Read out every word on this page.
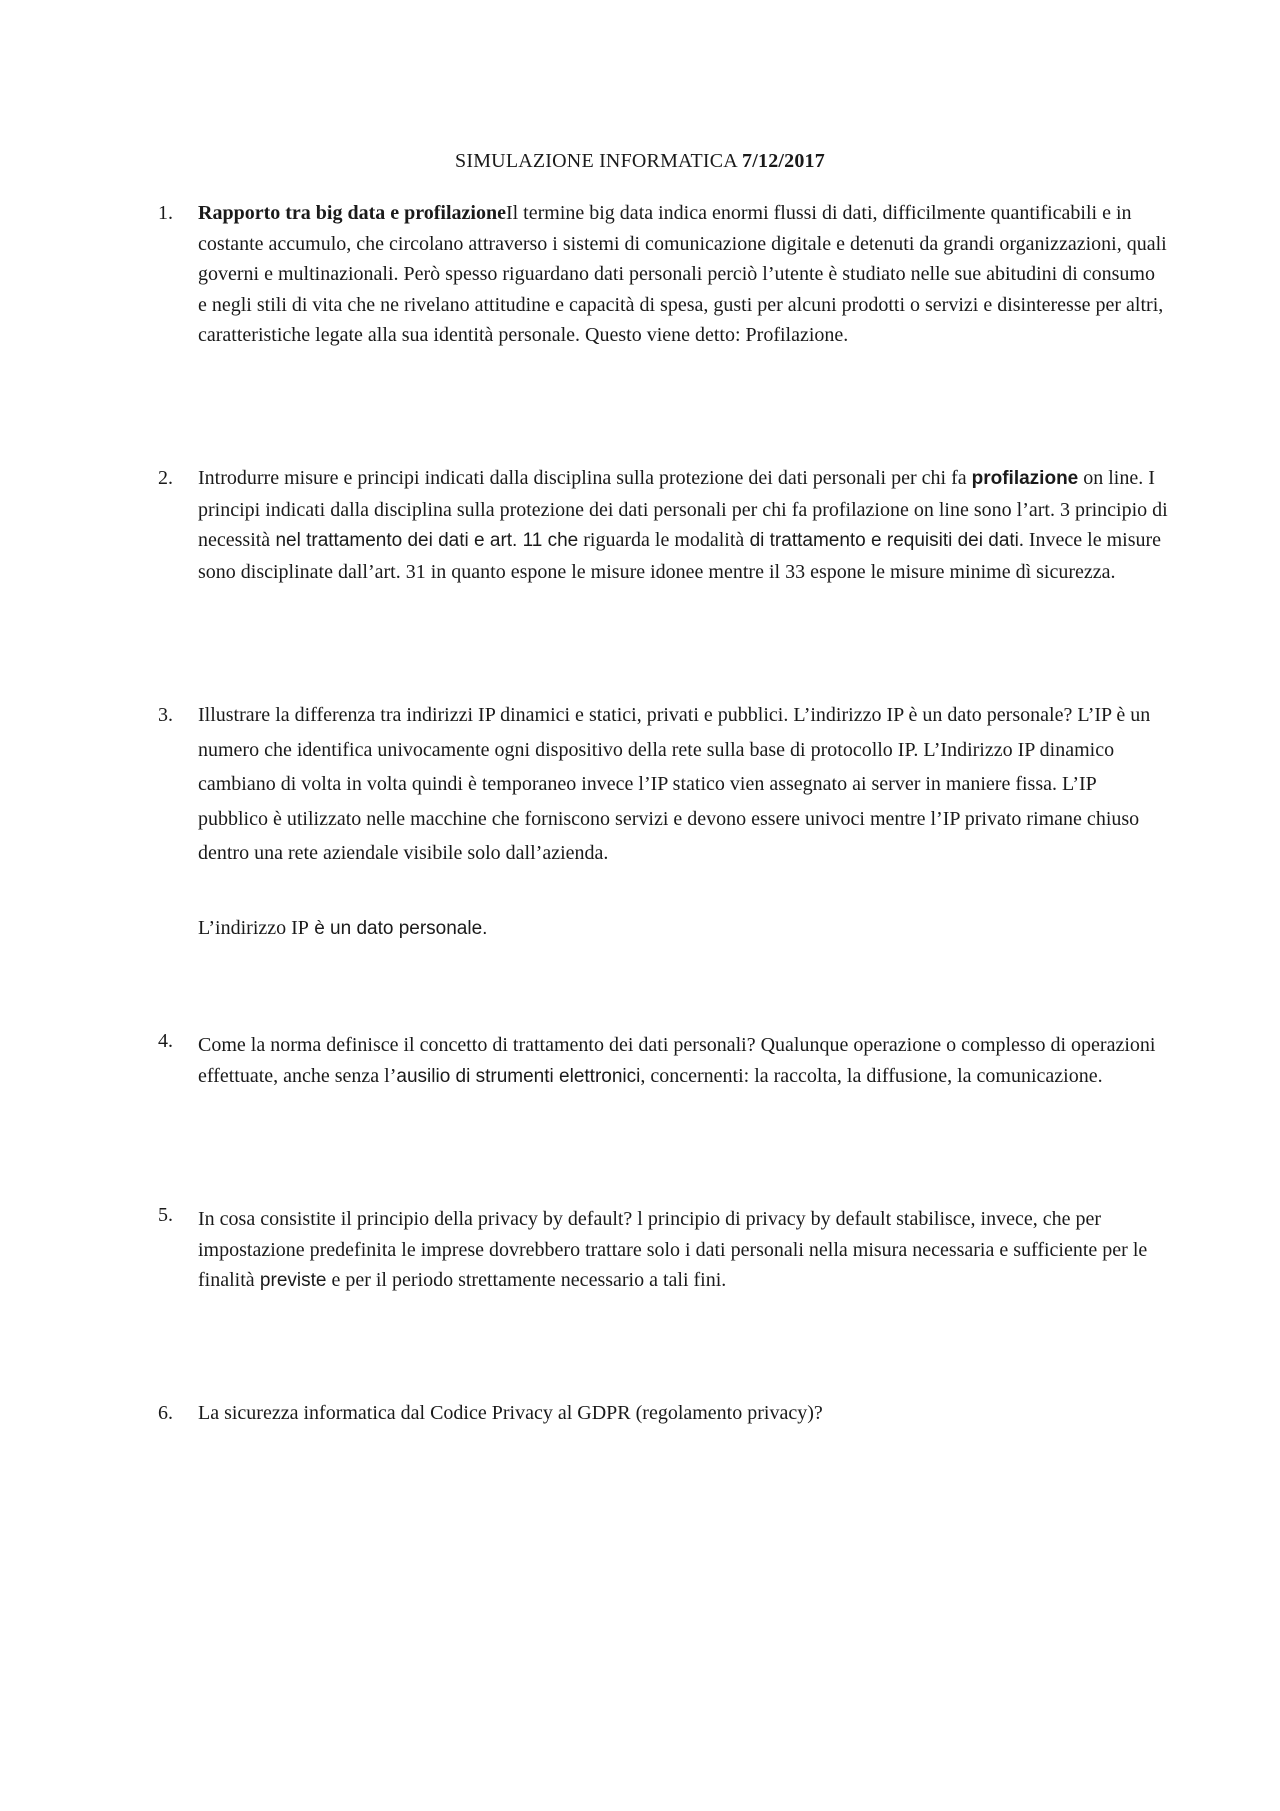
SIMULAZIONE INFORMATICA 7/12/2017
1.	Rapporto tra big data e profilazioneIl termine big data indica enormi flussi di dati, difficilmente quantificabili e in costante accumulo, che circolano attraverso i sistemi di comunicazione digitale e detenuti da grandi organizzazioni, quali governi e multinazionali. Però spesso riguardano dati personali perciò l’utente è studiato nelle sue abitudini di consumo e negli stili di vita che ne rivelano attitudine e capacità di spesa, gusti per alcuni prodotti o servizi e disinteresse per altri, caratteristiche legate alla sua identità personale. Questo viene detto: Profilazione.
2.	Introdurre misure e principi indicati dalla disciplina sulla protezione dei dati personali per chi fa profilazione on line. I principi indicati dalla disciplina sulla protezione dei dati personali per chi fa profilazione on line sono l’art. 3 principio di necessità nel trattamento dei dati e art. 11 che riguarda le modalità di trattamento e requisiti dei dati. Invece le misure sono disciplinate dall’art. 31 in quanto espone le misure idonee mentre il 33 espone le misure minime dì sicurezza.
3.	Illustrare la differenza tra indirizzi IP dinamici e statici, privati e pubblici. L’indirizzo IP è un dato personale? L’IP è un numero che identifica univocamente ogni dispositivo della rete sulla base di protocollo IP. L’Indirizzo IP dinamico cambiano di volta in volta quindi è temporaneo invece l’IP statico vien assegnato ai server in maniere fissa. L’IP pubblico è utilizzato nelle macchine che forniscono servizi e devono essere univoci mentre l’IP privato rimane chiuso dentro una rete aziendale visibile solo dall’azienda.
L’indirizzo IP è un dato personale.
4.	Come la norma definisce il concetto di trattamento dei dati personali? Qualunque operazione o complesso di operazioni effettuate, anche senza l’ausilio di strumenti elettronici, concernenti: la raccolta, la diffusione, la comunicazione.
5.	In cosa consistite il principio della privacy by default? l principio di privacy by default stabilisce, invece, che per impostazione predefinita le imprese dovrebbero trattare solo i dati personali nella misura necessaria e sufficiente per le finalità previste e per il periodo strettamente necessario a tali fini.
6.	La sicurezza informatica dal Codice Privacy al GDPR (regolamento privacy)?
